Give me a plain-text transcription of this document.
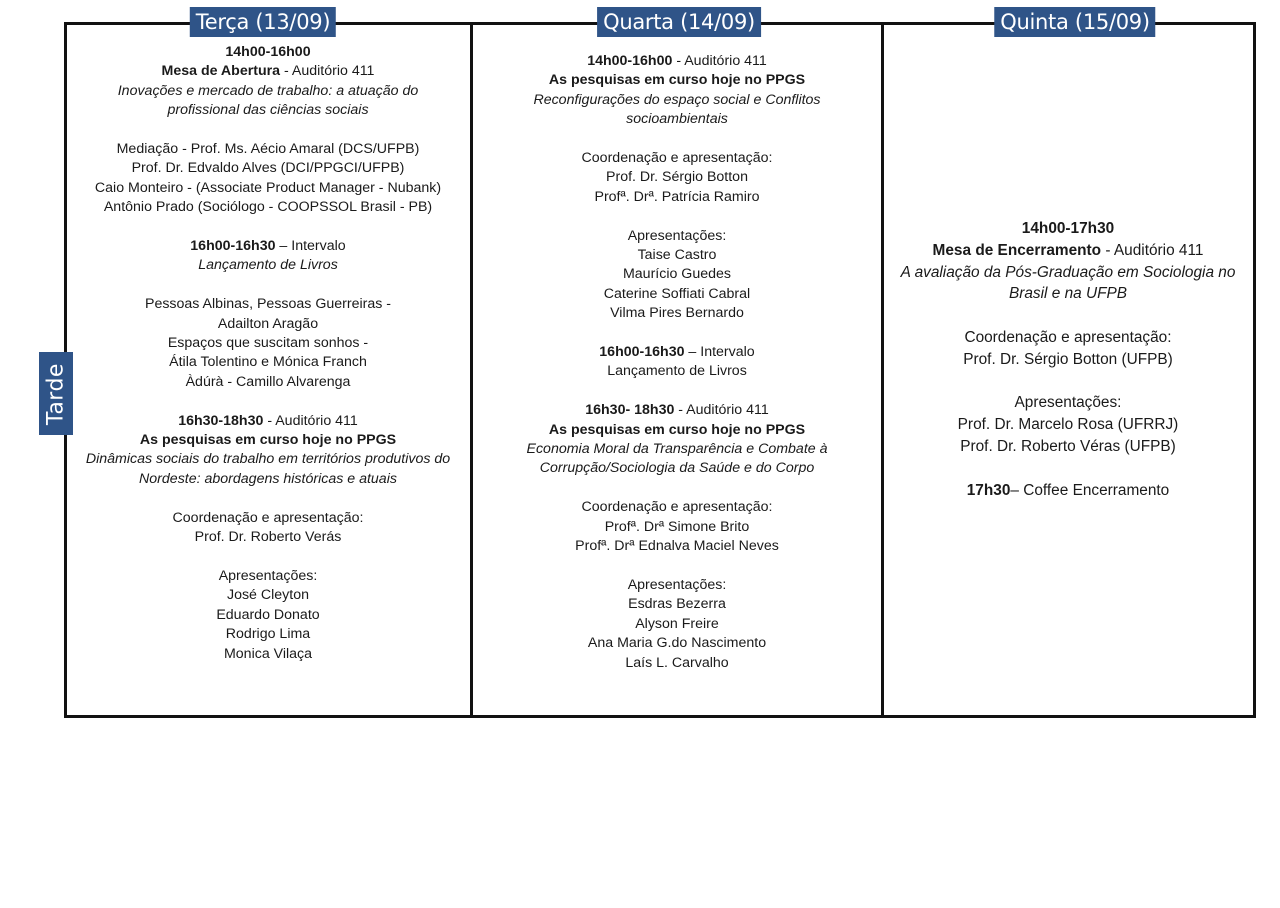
Tarde
Terça (13/09)

14h00-16h00

Mesa de Abertura - Auditório 411

Inovações e mercado de trabalho: a atuação do profissional das ciências sociais

Mediação - Prof. Ms. Aécio Amaral (DCS/UFPB)

Prof. Dr. Edvaldo Alves (DCI/PPGCI/UFPB)

Caio Monteiro - (Associate Product Manager - Nubank)

Antônio Prado (Sociólogo - COOPSSOL Brasil - PB)

16h00-16h30 – Intervalo

Lançamento de Livros

Pessoas Albinas, Pessoas Guerreiras -

Adailton Aragão

Espaços que suscitam sonhos -

Átila Tolentino e Mónica Franch

Àdúrà - Camillo Alvarenga

16h30-18h30 - Auditório 411

As pesquisas em curso hoje no PPGS

Dinâmicas sociais do trabalho em territórios produtivos do Nordeste: abordagens históricas e atuais

Coordenação e apresentação:

Prof. Dr. Roberto Verás

Apresentações:

José Cleyton

Eduardo Donato

Rodrigo Lima

Monica Vilaça

Quarta (14/09)

14h00-16h00 - Auditório 411

As pesquisas em curso hoje no PPGS

Reconfigurações do espaço social e Conflitos socioambientais

Coordenação e apresentação:

Prof. Dr. Sérgio Botton

Profª. Drª. Patrícia Ramiro

Apresentações:

Taise Castro

Maurício Guedes

Caterine Soffiati Cabral

Vilma Pires Bernardo

16h00-16h30 – Intervalo

Lançamento de Livros

16h30- 18h30 - Auditório 411

As pesquisas em curso hoje no PPGS

Economia Moral da Transparência e Combate à Corrupção/Sociologia da Saúde e do Corpo

Coordenação e apresentação:

Profª. Drª Simone Brito

Profª. Drª Ednalva Maciel Neves

Apresentações:

Esdras Bezerra

Alyson Freire

Ana Maria G.do Nascimento

Laís L. Carvalho

Quinta (15/09)

14h00-17h30

Mesa de Encerramento - Auditório 411

A avaliação da Pós-Graduação em Sociologia no Brasil e na UFPB

Coordenação e apresentação:

Prof. Dr. Sérgio Botton (UFPB)

Apresentações:

Prof. Dr. Marcelo Rosa (UFRRJ)

Prof. Dr. Roberto Véras (UFPB)

17h30– Coffee Encerramento
